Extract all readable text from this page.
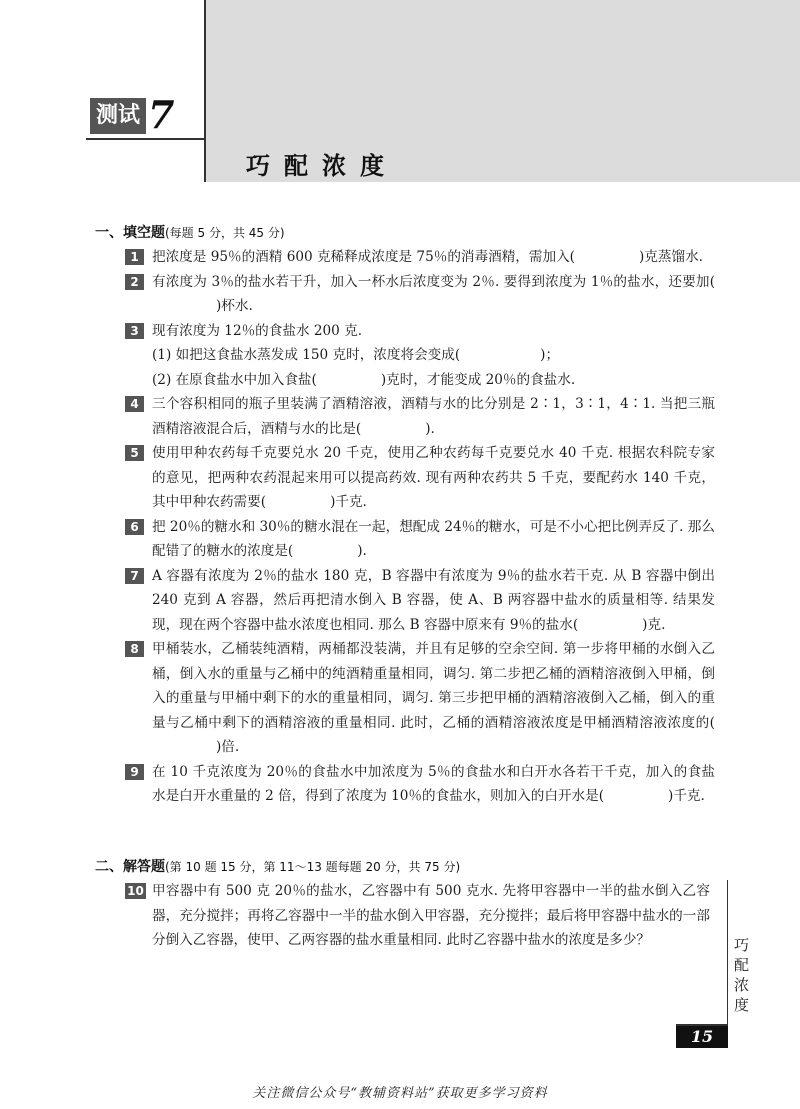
测试 7
巧配浓度
一、填空题(每题 5 分，共 45 分)
1 把浓度是 95％的酒精 600 克稀释成浓度是 75％的消毒酒精，需加入(	)克蒸馏水.
2 有浓度为 3％的盐水若干升，加入一杯水后浓度变为 2％. 要得到浓度为 1％的盐水，还要加()杯水.
3 现有浓度为 12％的食盐水 200 克.
(1) 如把这食盐水蒸发成 150 克时，浓度将会变成(	)；
(2) 在原食盐水中加入食盐(	)克时，才能变成 20％的食盐水.
4 三个容积相同的瓶子里装满了酒精溶液，酒精与水的比分别是 2∶1，3∶1，4∶1. 当把三瓶酒精溶液混合后，酒精与水的比是(	).
5 使用甲种农药每千克要兑水 20 千克，使用乙种农药每千克要兑水 40 千克. 根据农科院专家的意见，把两种农药混起来用可以提高药效. 现有两种农药共 5 千克，要配药水 140 千克，其中甲种农药需要(	)千克.
6 把 20％的糖水和 30％的糖水混在一起，想配成 24％的糖水，可是不小心把比例弄反了. 那么配错了的糖水的浓度是(	).
7 A 容器有浓度为 2％的盐水 180 克，B 容器中有浓度为 9％的盐水若干克. 从 B 容器中倒出 240 克到 A 容器，然后再把清水倒入 B 容器，使 A、B 两容器中盐水的质量相等. 结果发现，现在两个容器中盐水浓度也相同. 那么 B 容器中原来有 9％的盐水(	)克.
8 甲桶装水，乙桶装纯酒精，两桶都没装满，并且有足够的空余空间. 第一步将甲桶的水倒入乙桶，倒入水的重量与乙桶中的纯酒精重量相同，调匀. 第二步把乙桶的酒精溶液倒入甲桶，倒入的重量与甲桶中剩下的水的重量相同，调匀. 第三步把甲桶的酒精溶液倒入乙桶，倒入的重量与乙桶中剩下的酒精溶液的重量相同. 此时，乙桶的酒精溶液浓度是甲桶酒精溶液浓度的()倍.
9 在 10 千克浓度为 20％的食盐水中加浓度为 5％的食盐水和白开水各若干千克，加入的食盐水是白开水重量的 2 倍，得到了浓度为 10％的食盐水，则加入的白开水是(	)千克.
二、解答题(第 10 题 15 分，第 11～13 题每题 20 分，共 75 分)
10 甲容器中有 500 克 20％的盐水，乙容器中有 500 克水. 先将甲容器中一半的盐水倒入乙容器，充分搅拌；再将乙容器中一半的盐水倒入甲容器，充分搅拌；最后将甲容器中盐水的一部分倒入乙容器，使甲、乙两容器的盐水重量相同. 此时乙容器中盐水的浓度是多少？	巧配浓度
15
关注微信公众号“教辅资料站”获取更多学习资料
